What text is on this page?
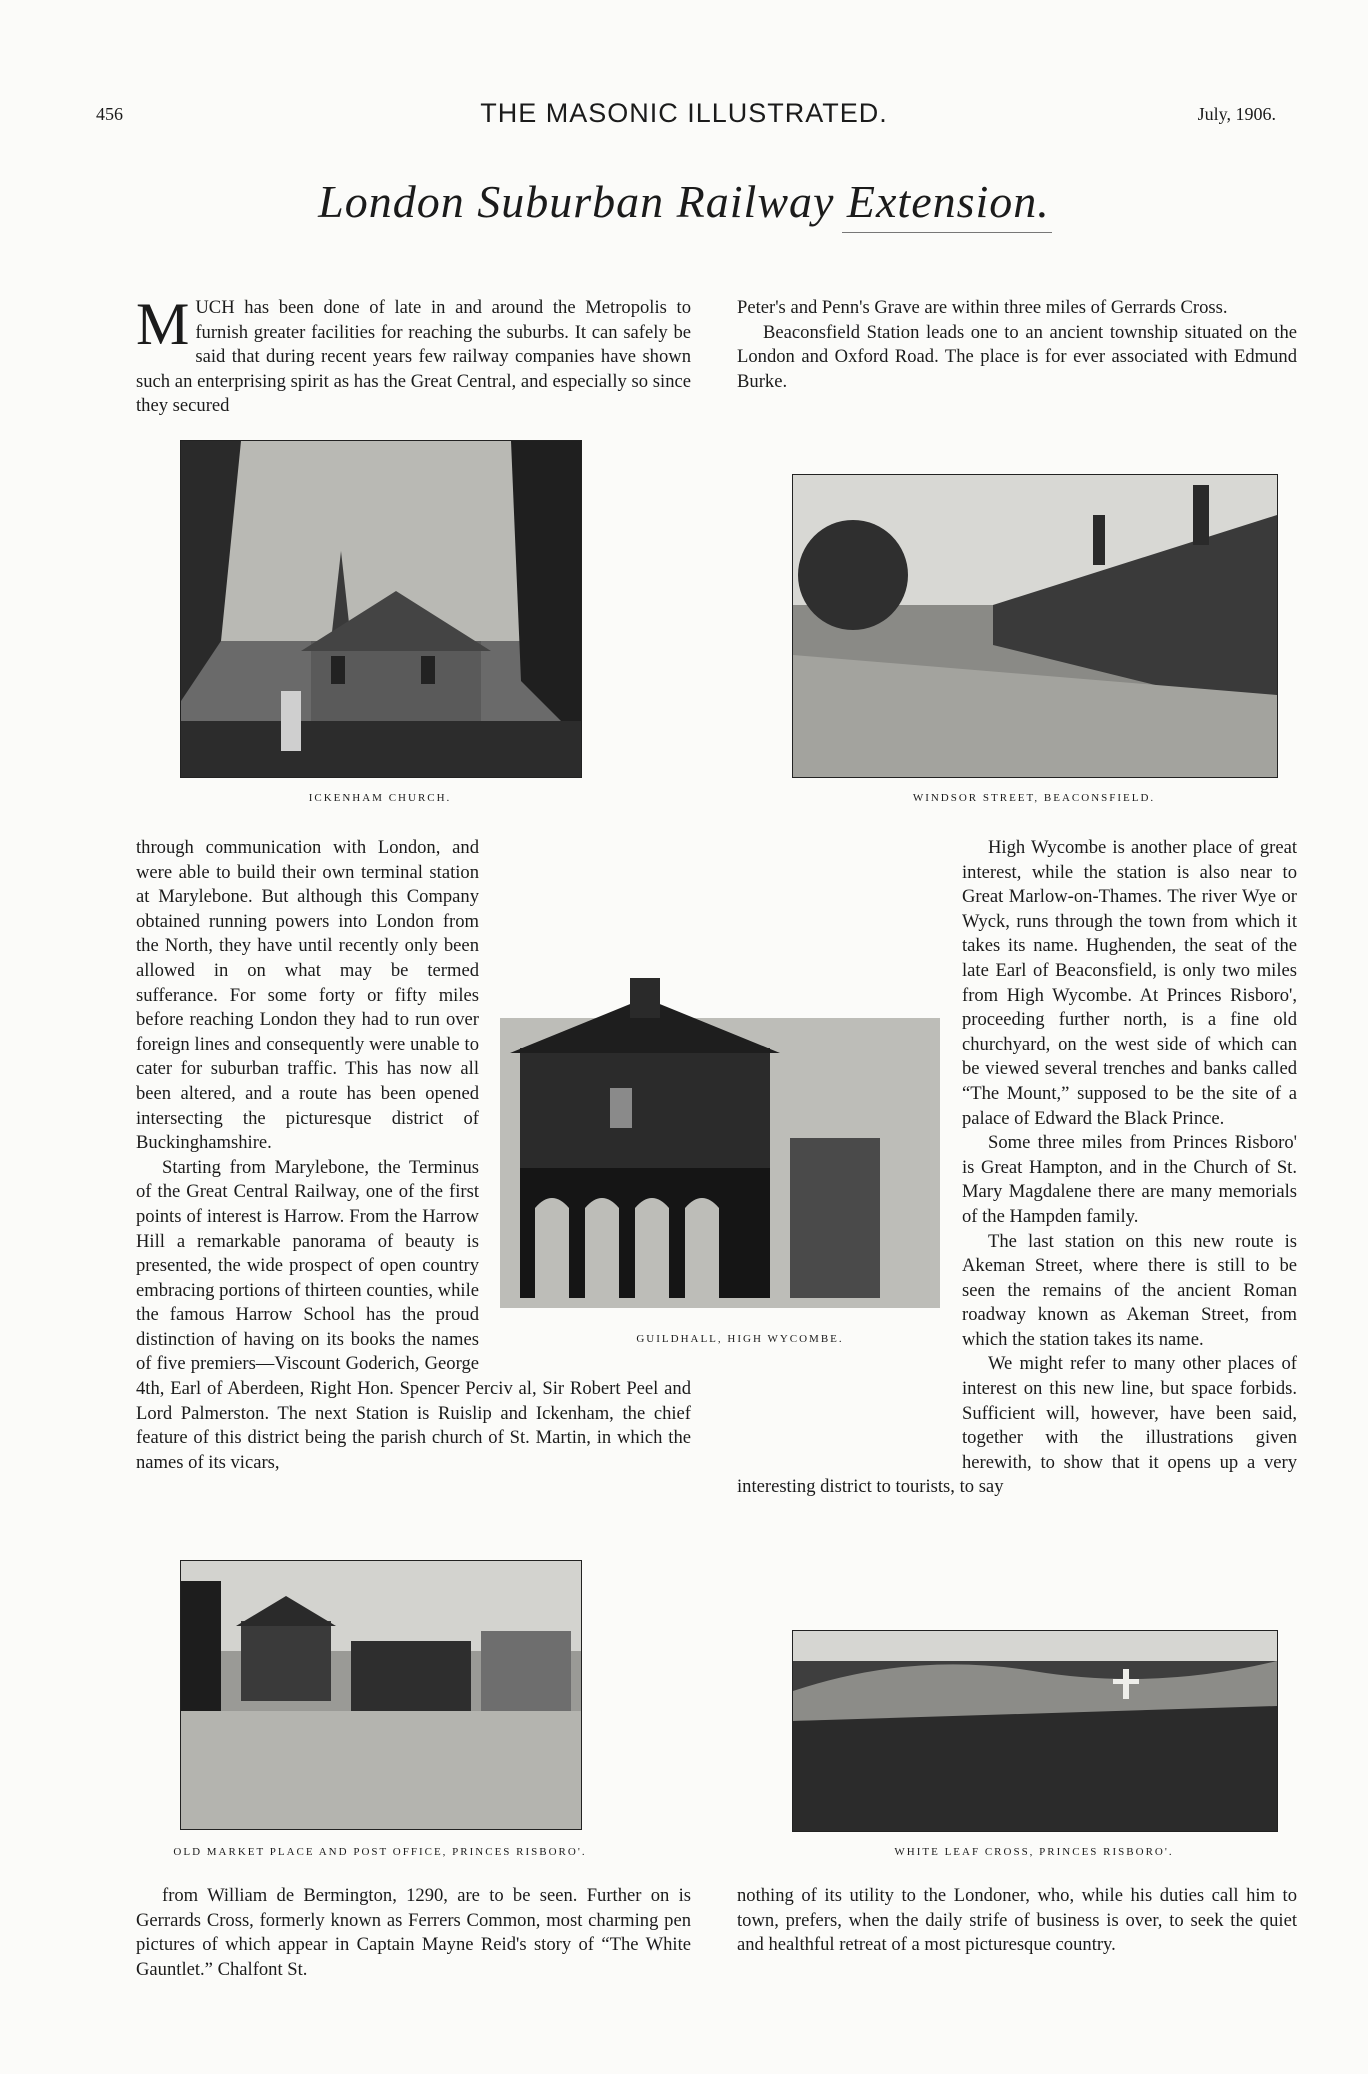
456	THE MASONIC ILLUSTRATED.	July, 1906.
London Suburban Railway Extension.

MUCH has been done of late in and around the Metropolis to furnish greater facilities for reaching the suburbs. It can safely be said that during recent years few railway companies have shown such an enterprising spirit as has the Great Central, and especially so since they secured

Peter's and Penn's Grave are within three miles of Gerrards Cross.

Beaconsfield Station leads one to an ancient township situated on the London and Oxford Road. The place is for ever associated with Edmund Burke.

ICKENHAM CHURCH.	WINDSOR STREET, BEACONSFIELD.

through communication with London, and were able to build their own terminal station at Marylebone. But although this Company obtained running powers into London from the North, they have until recently only been allowed in on what may be termed sufferance. For some forty or fifty miles before reaching London they had to run over foreign lines and consequently were unable to cater for suburban traffic. This has now all been altered, and a route has been opened intersecting the picturesque district of Buckinghamshire.

Starting from Marylebone, the Terminus of the Great Central Railway, one of the first points of interest is Harrow. From the Harrow Hill a remarkable panorama of beauty is presented, the wide prospect of open country embracing portions of thirteen counties, while the famous Harrow School has the proud distinction of having on its books the names of five premiers—Viscount Goderich, George 4th, Earl of Aberdeen, Right Hon. Spencer Perciv al, Sir Robert Peel and Lord Palmerston. The next Station is Ruislip and Ickenham, the chief feature of this district being the parish church of St. Martin, in which the names of its vicars,

High Wycombe is another place of great interest, while the station is also near to Great Marlow-on-Thames. The river Wye or Wyck, runs through the town from which it takes its name. Hughenden, the seat of the late Earl of Beaconsfield, is only two miles from High Wycombe. At Princes Risboro', proceeding further north, is a fine old churchyard, on the west side of which can be viewed several trenches and banks called “The Mount,” supposed to be the site of a palace of Edward the Black Prince.

Some three miles from Princes Risboro' is Great Hampton, and in the Church of St. Mary Magdalene there are many memorials of the Hampden family.

The last station on this new route is Akeman Street, where there is still to be seen the remains of the ancient Roman roadway known as Akeman Street, from which the station takes its name.

We might refer to many other places of interest on this new line, but space forbids. Sufficient will, however, have been said, together with the illustrations given herewith, to show that it opens up a very interesting district to tourists, to say

GUILDHALL, HIGH WYCOMBE.
OLD MARKET PLACE AND POST OFFICE, PRINCES RISBORO'.	WHITE LEAF CROSS, PRINCES RISBORO'.

from William de Bermington, 1290, are to be seen. Further on is Gerrards Cross, formerly known as Ferrers Common, most charming pen pictures of which appear in Captain Mayne Reid's story of “The White Gauntlet.” Chalfont St.

nothing of its utility to the Londoner, who, while his duties call him to town, prefers, when the daily strife of business is over, to seek the quiet and healthful retreat of a most picturesque country.
